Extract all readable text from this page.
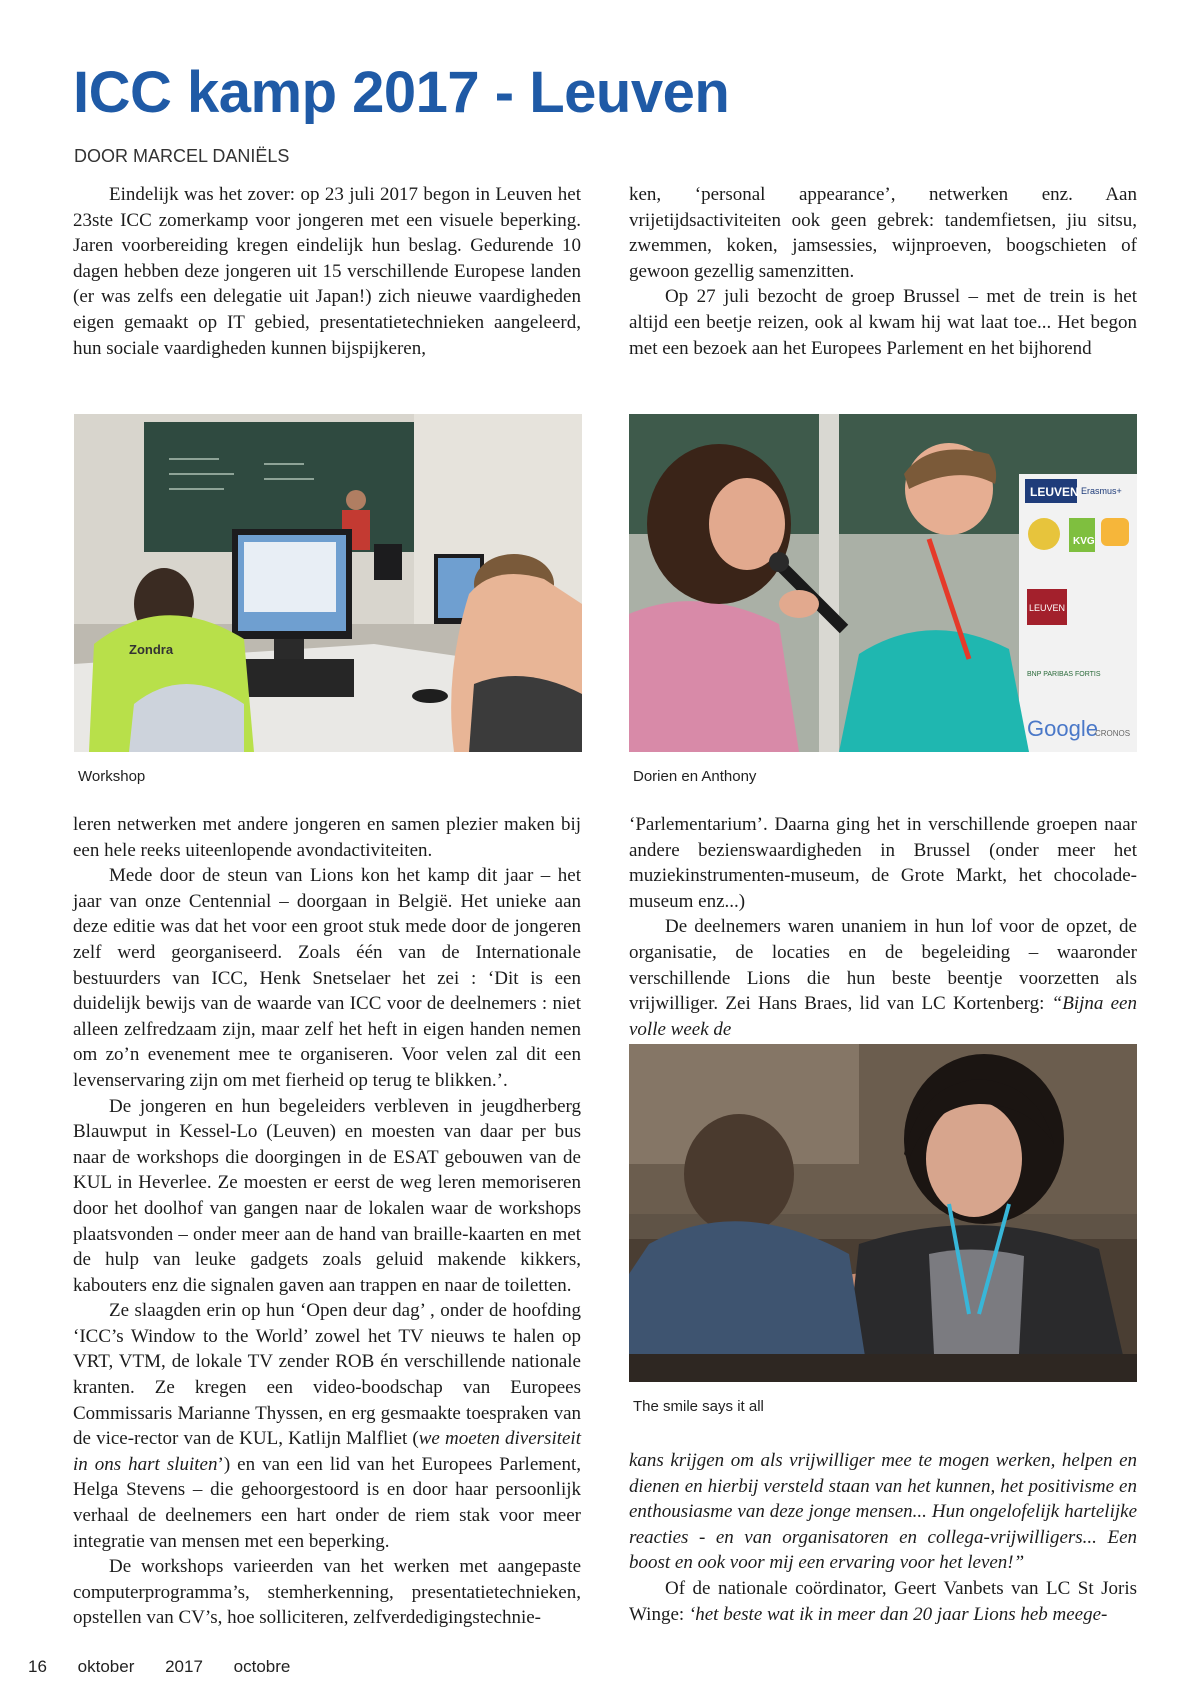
ICC kamp 2017 - Leuven
DOOR MARCEL DANIËLS

Eindelijk was het zover: op 23 juli 2017 begon in Leuven het 23ste ICC zomerkamp voor jongeren met een visuele beperking. Jaren voorbereiding kregen eindelijk hun beslag. Gedurende 10 dagen hebben deze jongeren uit 15 verschillende Europese landen (er was zelfs een delegatie uit Japan!) zich nieuwe vaardigheden eigen gemaakt op IT gebied, presentatietechnieken aangeleerd, hun sociale vaardigheden kunnen bijspijkeren,

ken, ‘personal appearance’, netwerken enz. Aan vrijetijdsactiviteiten ook geen gebrek: tandemfietsen, jiu sitsu, zwemmen, koken, jamsessies, wijnproeven, boogschieten of gewoon gezellig samenzitten.

Op 27 juli bezocht de groep Brussel – met de trein is het altijd een beetje reizen, ook al kwam hij wat laat toe... Het begon met een bezoek aan het Europees Parlement en het bijhorend

Zondra
Workshop
LEUVEN Erasmus+
KVG
LEUVEN
BNP PARIBAS FORTIS
Google
CRONOS
Dorien en Anthony

leren netwerken met andere jongeren en samen plezier maken bij een hele reeks uiteenlopende avondactiviteiten.

Mede door de steun van Lions kon het kamp dit jaar – het jaar van onze Centennial – doorgaan in België. Het unieke aan deze editie was dat het voor een groot stuk mede door de jongeren zelf werd georganiseerd. Zoals één van de Internationale bestuurders van ICC, Henk Snetselaer het zei : ‘Dit is een duidelijk bewijs van de waarde van ICC voor de deelnemers : niet alleen zelfredzaam zijn, maar zelf het heft in eigen handen nemen om zo’n evenement mee te organiseren. Voor velen zal dit een levenservaring zijn om met fierheid op terug te blikken.’.

De jongeren en hun begeleiders verbleven in jeugdherberg Blauwput in Kessel-Lo (Leuven) en moesten van daar per bus naar de workshops die doorgingen in de ESAT gebouwen van de KUL in Heverlee. Ze moesten er eerst de weg leren memoriseren door het doolhof van gangen naar de lokalen waar de workshops plaatsvonden – onder meer aan de hand van braille-kaarten en met de hulp van leuke gadgets zoals geluid makende kikkers, kabouters enz die signalen gaven aan trappen en naar de toiletten.

Ze slaagden erin op hun ‘Open deur dag’ , onder de hoofding ‘ICC’s Window to the World’ zowel het TV nieuws te halen op VRT, VTM, de lokale TV zender ROB én verschillende nationale kranten. Ze kregen een video-boodschap van Europees Commissaris Marianne Thyssen, en erg gesmaakte toespraken van de vice-rector van de KUL, Katlijn Malfliet (we moeten diversiteit in ons hart sluiten’) en van een lid van het Europees Parlement, Helga Stevens – die gehoorgestoord is en door haar persoonlijk verhaal de deelnemers een hart onder de riem stak voor meer integratie van mensen met een beperking.

De workshops varieerden van het werken met aangepaste computerprogramma’s, stemherkenning, presentatietechnieken, opstellen van CV’s, hoe solliciteren, zelfverdedigingstechnie-

‘Parlementarium’. Daarna ging het in verschillende groepen naar andere bezienswaardigheden in Brussel (onder meer het muziekinstrumenten-museum, de Grote Markt, het chocolade-museum enz...)

De deelnemers waren unaniem in hun lof voor de opzet, de organisatie, de locaties en de begeleiding – waaronder verschillende Lions die hun beste beentje voorzetten als vrijwilliger. Zei Hans Braes, lid van LC Kortenberg: “Bijna een volle week de

The smile says it all

kans krijgen om als vrijwilliger mee te mogen werken, helpen en dienen en hierbij versteld staan van het kunnen, het positivisme en enthousiasme van deze jonge mensen... Hun ongelofelijk hartelijke reacties - en van organisatoren en collega-vrijwilligers... Een boost en ook voor mij een ervaring voor het leven!”

Of de nationale coördinator, Geert Vanbets van LC St Joris Winge: ‘het beste wat ik in meer dan 20 jaar Lions heb meege-

16 oktober 2017 octobre
